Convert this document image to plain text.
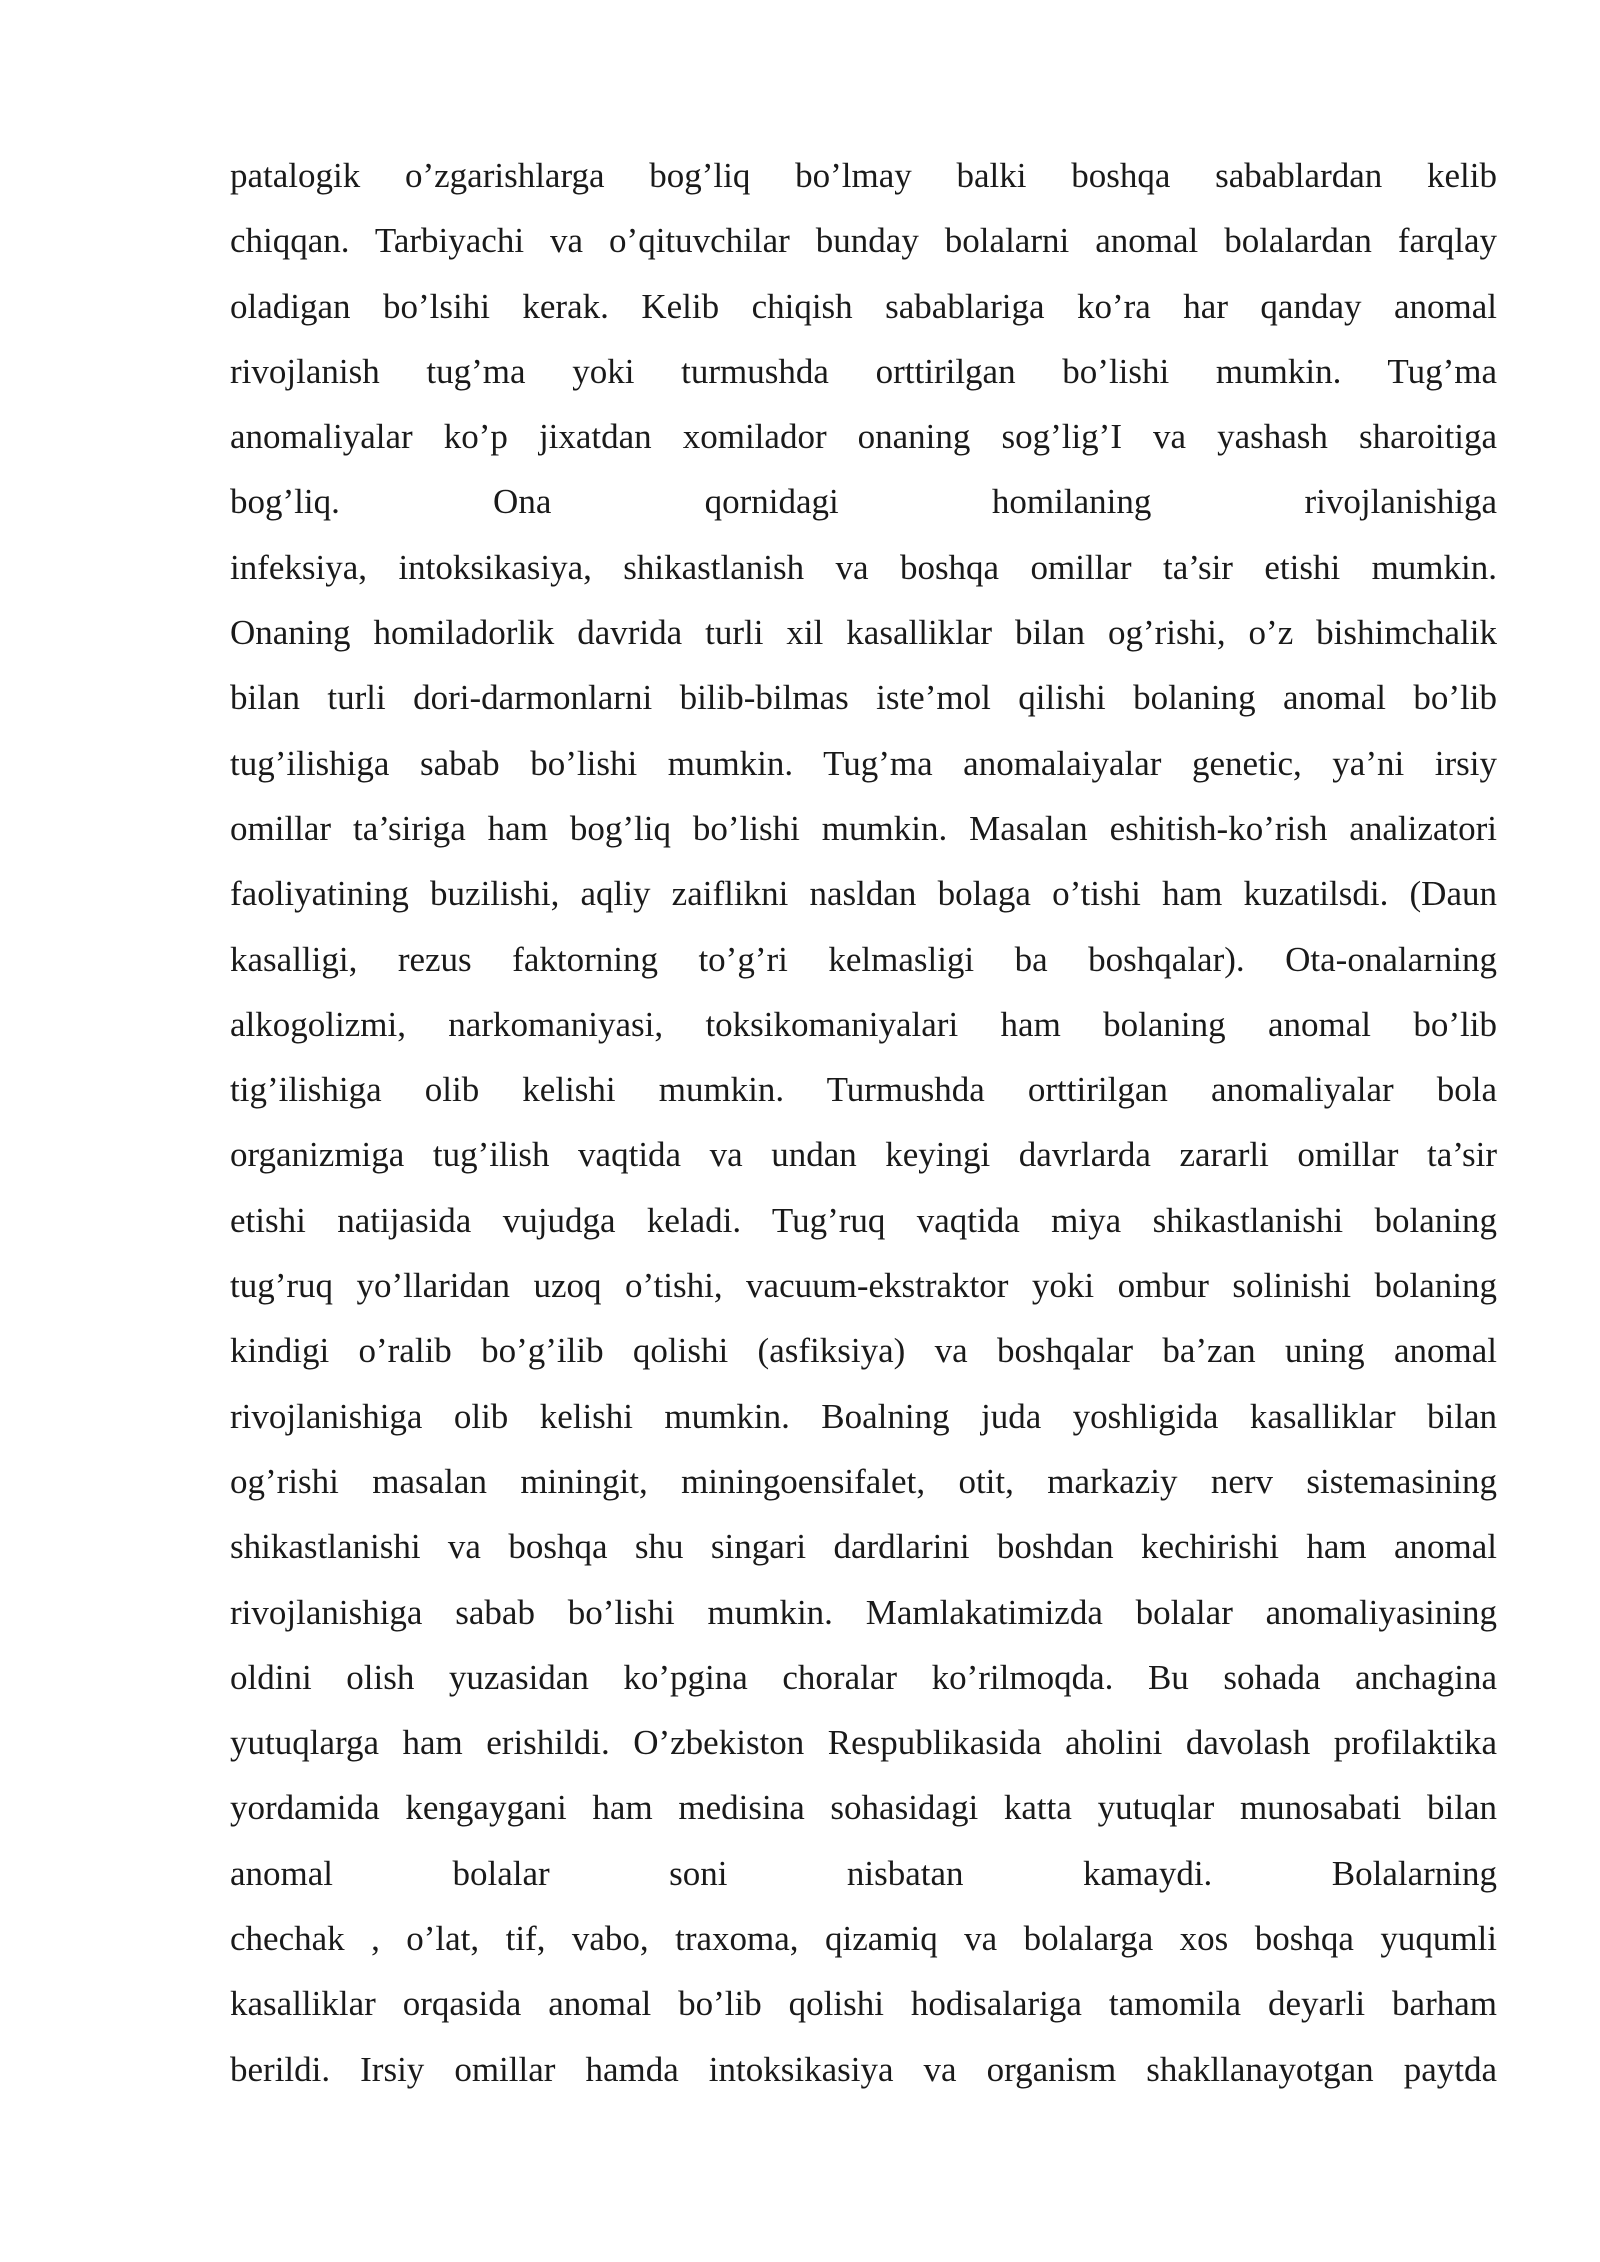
patalogik o’zgarishlarga bog’liq bo’lmay balki boshqa sabablardan kelib
chiqqan. Tarbiyachi va o’qituvchilar bunday bolalarni anomal bolalardan farqlay
oladigan bo’lsihi kerak. Kelib chiqish sabablariga ko’ra har qanday anomal
rivojlanish tug’ma yoki turmushda orttirilgan bo’lishi mumkin. Tug’ma
anomaliyalar ko’p jixatdan xomilador onaning sog’lig’I va yashash sharoitiga
bog’liq. Ona qornidagi homilaning rivojlanishiga
infeksiya, intoksikasiya, shikastlanish va boshqa omillar ta’sir etishi mumkin.
Onaning homiladorlik davrida turli xil kasalliklar bilan og’rishi, o’z bishimchalik
bilan turli dori-darmonlarni bilib-bilmas iste’mol qilishi bolaning anomal bo’lib
tug’ilishiga sabab bo’lishi mumkin. Tug’ma anomalaiyalar genetic, ya’ni irsiy
omillar ta’siriga ham bog’liq bo’lishi mumkin. Masalan eshitish-ko’rish analizatori
faoliyatining buzilishi, aqliy zaiflikni nasldan bolaga o’tishi ham kuzatilsdi. (Daun
kasalligi, rezus faktorning to’g’ri kelmasligi ba boshqalar). Ota-onalarning
alkogolizmi, narkomaniyasi, toksikomaniyalari ham bolaning anomal bo’lib
tig’ilishiga olib kelishi mumkin. Turmushda orttirilgan anomaliyalar bola
organizmiga tug’ilish vaqtida va undan keyingi davrlarda zararli omillar ta’sir
etishi natijasida vujudga keladi. Tug’ruq vaqtida miya shikastlanishi bolaning
tug’ruq yo’llaridan uzoq o’tishi, vacuum-ekstraktor yoki ombur solinishi bolaning
kindigi o’ralib bo’g’ilib qolishi (asfiksiya) va boshqalar ba’zan uning anomal
rivojlanishiga olib kelishi mumkin. Boalning juda yoshligida kasalliklar bilan
og’rishi masalan miningit, miningoensifalet, otit, markaziy nerv sistemasining
shikastlanishi va boshqa shu singari dardlarini boshdan kechirishi ham anomal
rivojlanishiga sabab bo’lishi mumkin. Mamlakatimizda bolalar anomaliyasining
oldini olish yuzasidan ko’pgina choralar ko’rilmoqda. Bu sohada anchagina
yutuqlarga ham erishildi. O’zbekiston Respublikasida aholini davolash profilaktika
yordamida kengaygani ham medisina sohasidagi katta yutuqlar munosabati bilan
anomal bolalar soni nisbatan kamaydi. Bolalarning
chechak , o’lat, tif, vabo, traxoma, qizamiq va bolalarga xos boshqa yuqumli
kasalliklar orqasida anomal bo’lib qolishi hodisalariga tamomila deyarli barham
berildi. Irsiy omillar hamda intoksikasiya va organism shakllanayotgan paytda
